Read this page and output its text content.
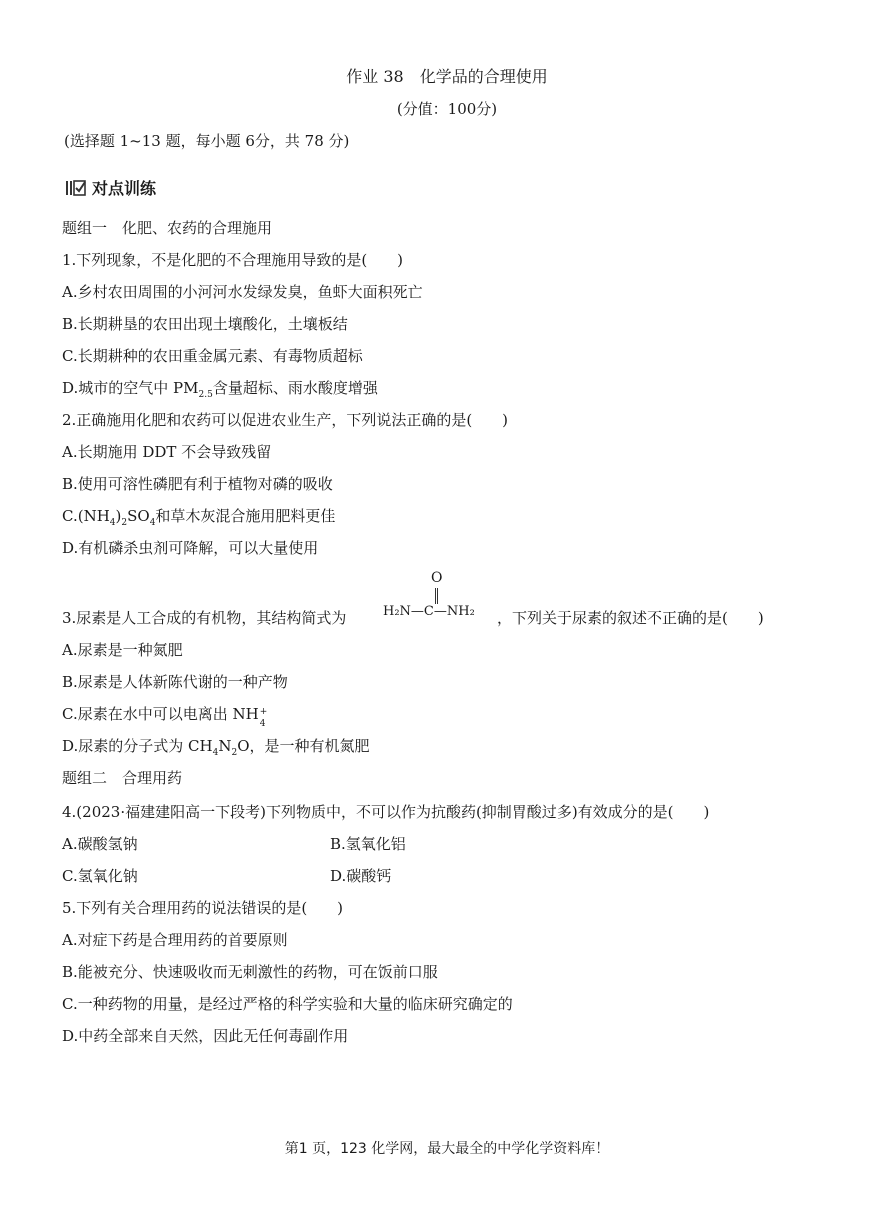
作业 38　化学品的合理使用
(分值：100分)
(选择题 1~13 题，每小题 6分，共 78 分)
对点训练
题组一　化肥、农药的合理施用
1.下列现象，不是化肥的不合理施用导致的是(　　)
A.乡村农田周围的小河河水发绿发臭，鱼虾大面积死亡
B.长期耕垦的农田出现土壤酸化，土壤板结
C.长期耕种的农田重金属元素、有毒物质超标
D.城市的空气中 $PM_{2.5}$含量超标、雨水酸度增强
2.正确施用化肥和农药可以促进农业生产，下列说法正确的是(　　)
A.长期施用 DDT 不会导致残留
B.使用可溶性磷肥有利于植物对磷的吸收
$C.(NH_4)_2SO_4$和草木灰混合施用肥料更佳
D.有机磷杀虫剂可降解，可以大量使用
3.尿素是人工合成的有机物，其结构简式为
O
H₂N—C—NH₂ ，下列关于尿素的叙述不正确的是(　　)
A.尿素是一种氮肥
B.尿素是人体新陈代谢的一种产物
C.尿素在水中可以电离出 NH +
4
D.尿素的分子式为 $CH_4N_2O$，是一种有机氮肥
题组二　合理用药
4.(2023·福建建阳高一下段考)下列物质中，不可以作为抗酸药(抑制胃酸过多)有效成分的是(　　)
A.碳酸氢钠	B.氢氧化铝
C.氢氧化钠	D.碳酸钙
5.下列有关合理用药的说法错误的是(　　)
A.对症下药是合理用药的首要原则
B.能被充分、快速吸收而无刺激性的药物，可在饭前口服
C.一种药物的用量，是经过严格的科学实验和大量的临床研究确定的
D.中药全部来自天然，因此无任何毒副作用
第1 页，123 化学网，最大最全的中学化学资料库！
